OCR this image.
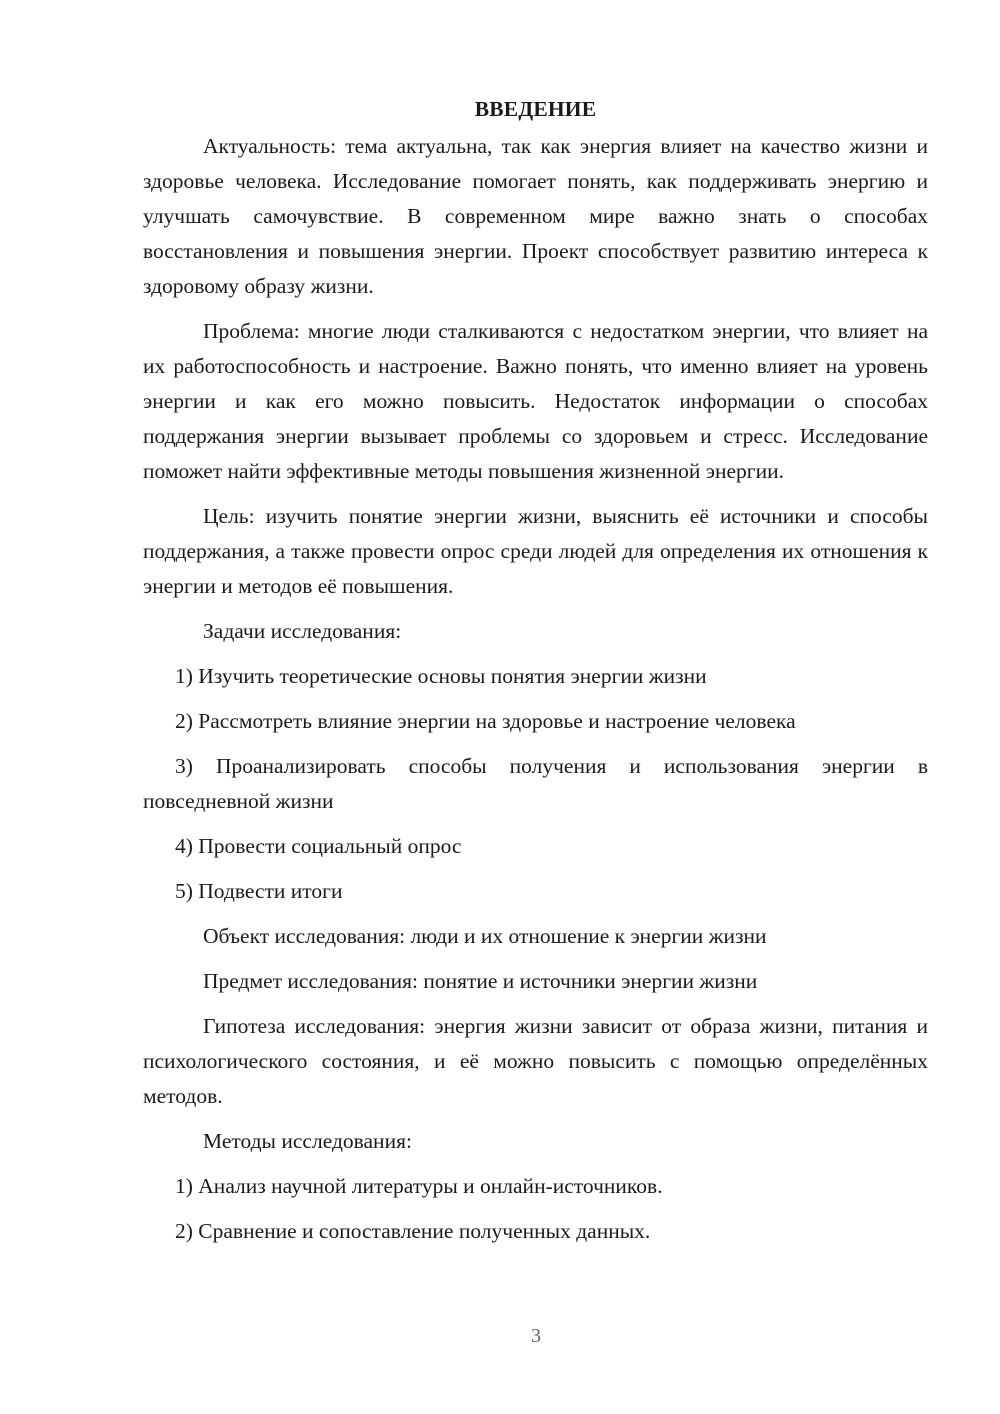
ВВЕДЕНИЕ

Актуальность: тема актуальна, так как энергия влияет на качество жизни и здоровье человека. Исследование помогает понять, как поддерживать энергию и улучшать самочувствие. В современном мире важно знать о способах восстановления и повышения энергии. Проект способствует развитию интереса к здоровому образу жизни.

Проблема: многие люди сталкиваются с недостатком энергии, что влияет на их работоспособность и настроение. Важно понять, что именно влияет на уровень энергии и как его можно повысить. Недостаток информации о способах поддержания энергии вызывает проблемы со здоровьем и стресс. Исследование поможет найти эффективные методы повышения жизненной энергии.

Цель: изучить понятие энергии жизни, выяснить её источники и способы поддержания, а также провести опрос среди людей для определения их отношения к энергии и методов её повышения.

Задачи исследования:

1) Изучить теоретические основы понятия энергии жизни

2) Рассмотреть влияние энергии на здоровье и настроение человека

3) Проанализировать способы получения и использования энергии в повседневной жизни

4) Провести социальный опрос

5) Подвести итоги

Объект исследования: люди и их отношение к энергии жизни

Предмет исследования: понятие и источники энергии жизни

Гипотеза исследования: энергия жизни зависит от образа жизни, питания и психологического состояния, и её можно повысить с помощью определённых методов.

Методы исследования:

1) Анализ научной литературы и онлайн-источников.

2) Сравнение и сопоставление полученных данных.

3
